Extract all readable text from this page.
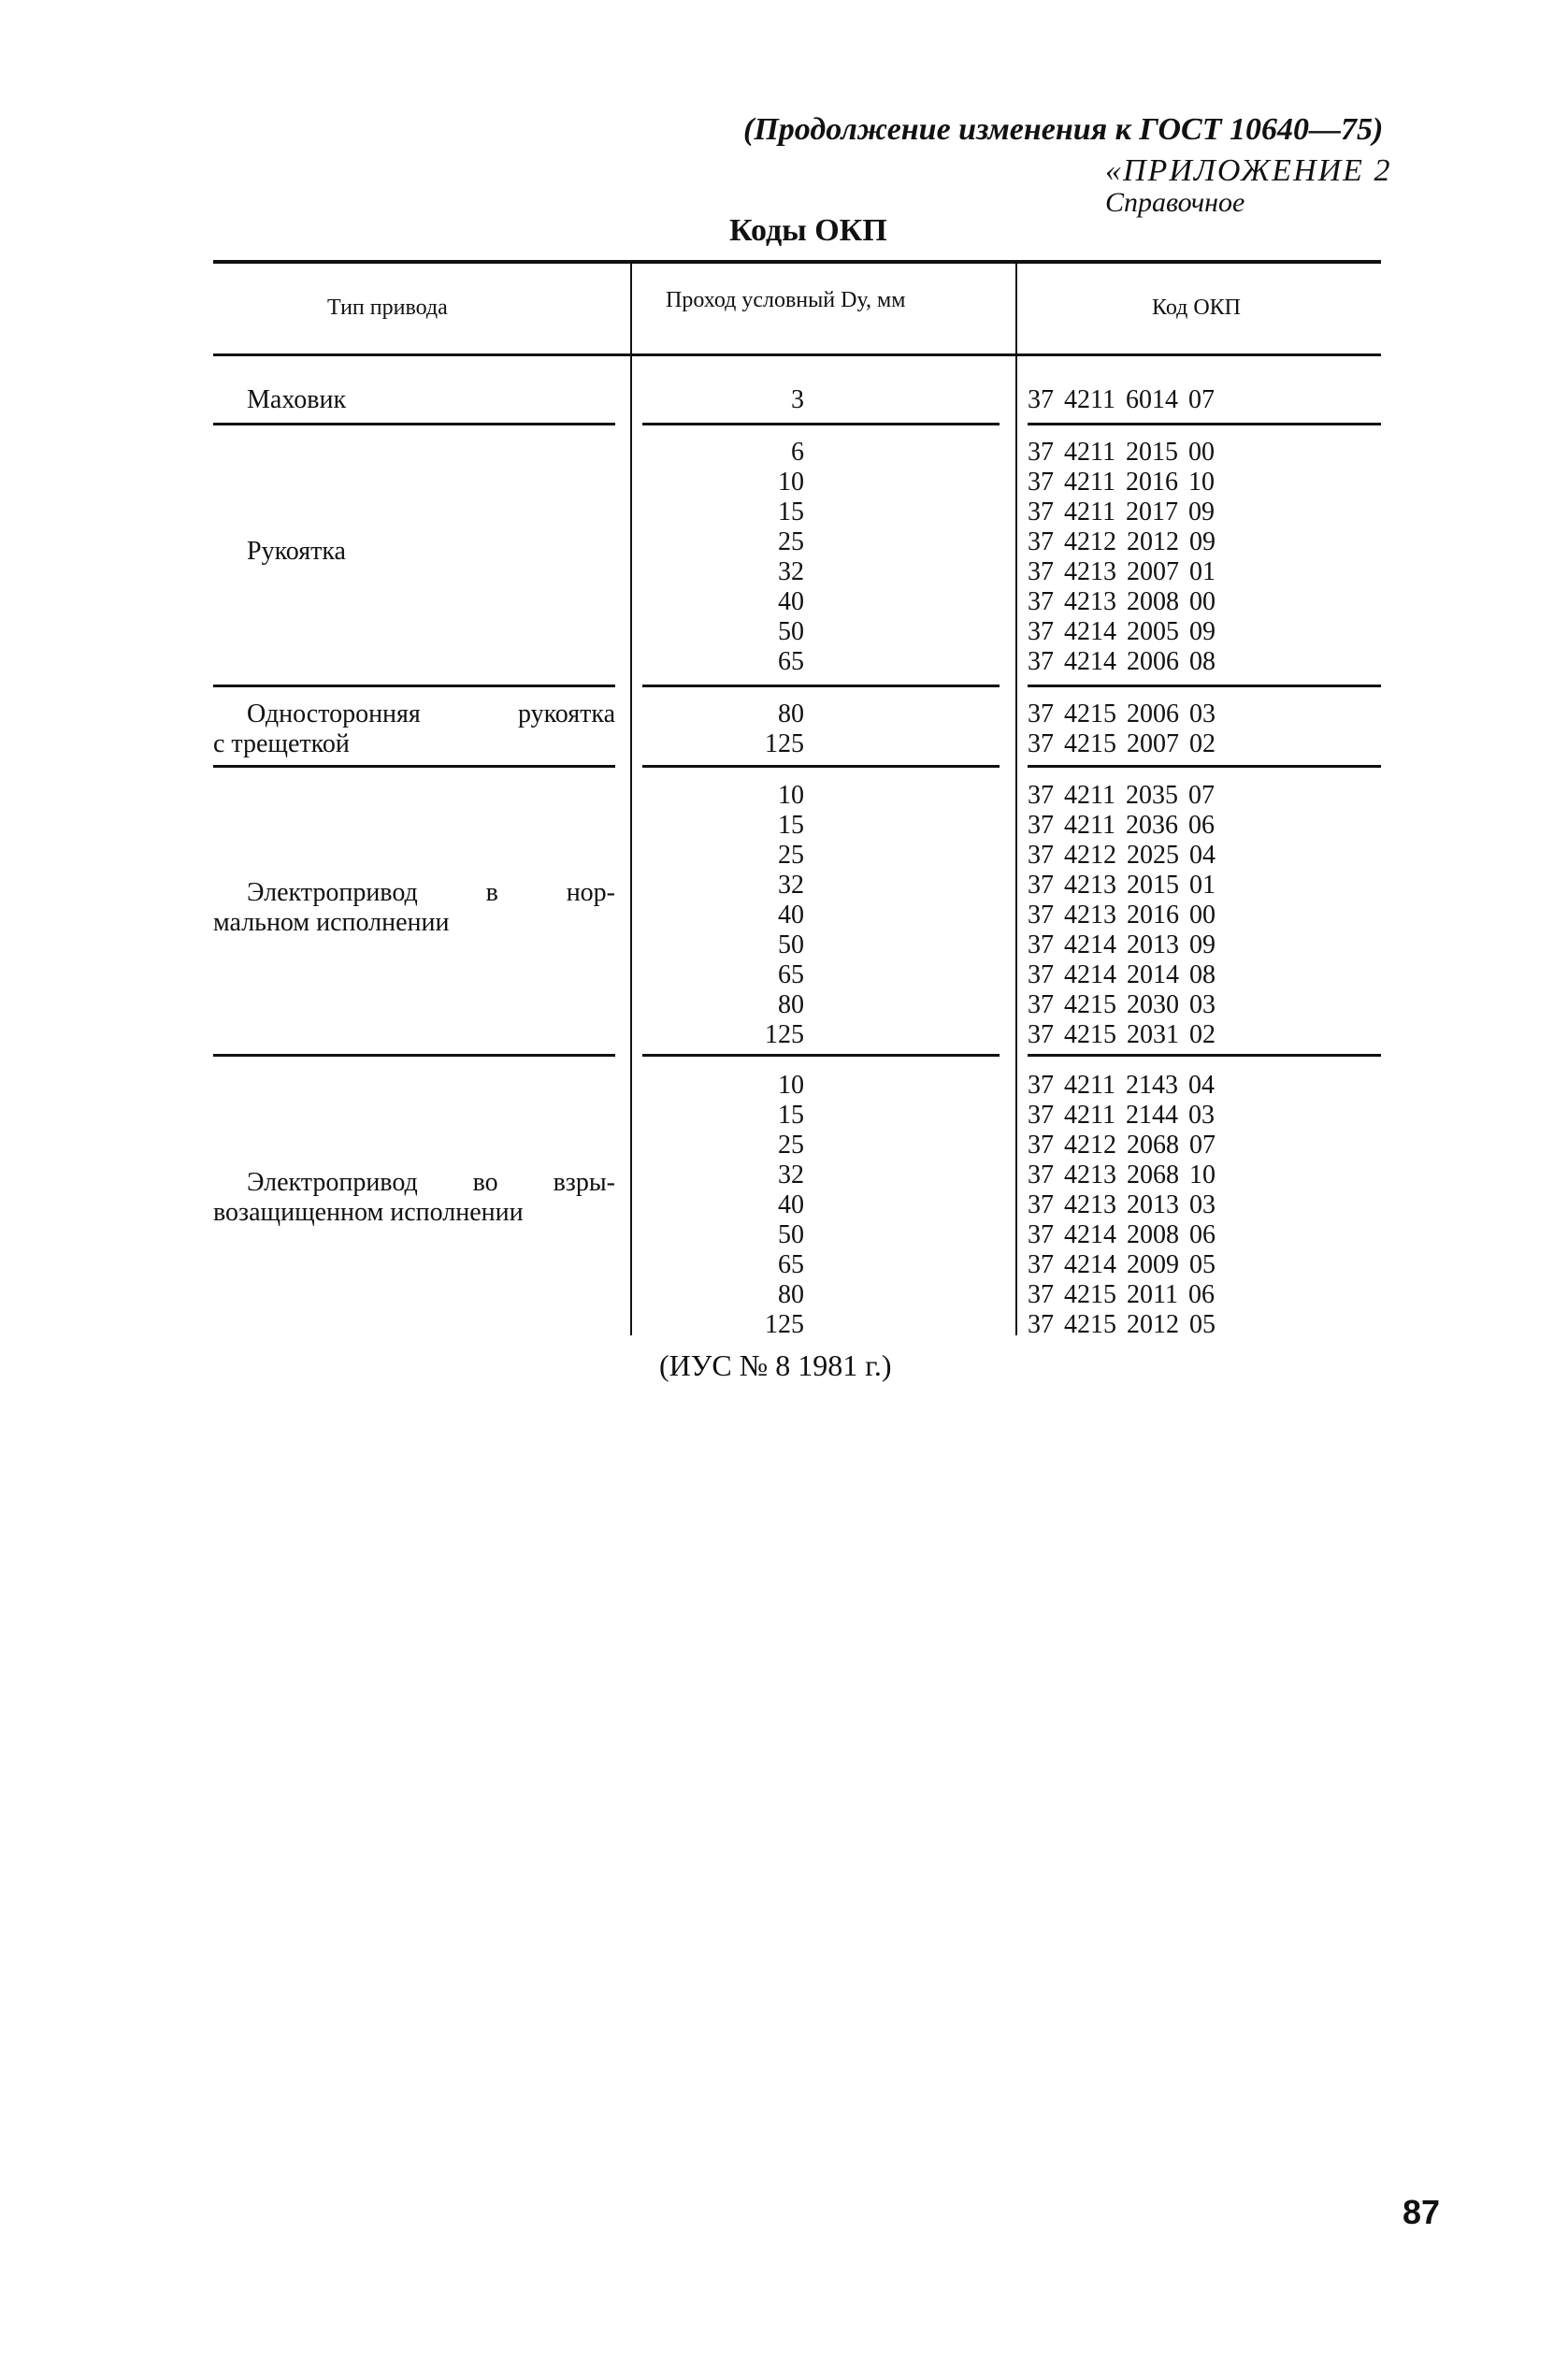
(Продолжение изменения к ГОСТ 10640—75)
«ПРИЛОЖЕНИЕ 2
Справочное
Коды ОКП
Тип привода	Проход условный Dу, мм	Код ОКП
Маховик	3	37 4211 6014 07
Рукоятка
6	37 4211 2015 00
10	37 4211 2016 10
15	37 4211 2017 09
25	37 4212 2012 09
32	37 4213 2007 01
40	37 4213 2008 00
50	37 4214 2005 09
65	37 4214 2006 08
Односторонняя рукоятка
с трещеткой
80	37 4215 2006 03
125	37 4215 2007 02
Электропривод в нор-
мальном исполнении
10	37 4211 2035 07
15	37 4211 2036 06
25	37 4212 2025 04
32	37 4213 2015 01
40	37 4213 2016 00
50	37 4214 2013 09
65	37 4214 2014 08
80	37 4215 2030 03
125	37 4215 2031 02
Электропривод во взры-
возащищенном исполнении
10	37 4211 2143 04
15	37 4211 2144 03
25	37 4212 2068 07
32	37 4213 2068 10
40	37 4213 2013 03
50	37 4214 2008 06
65	37 4214 2009 05
80	37 4215 2011 06
125	37 4215 2012 05
(ИУС № 8 1981 г.)
87
